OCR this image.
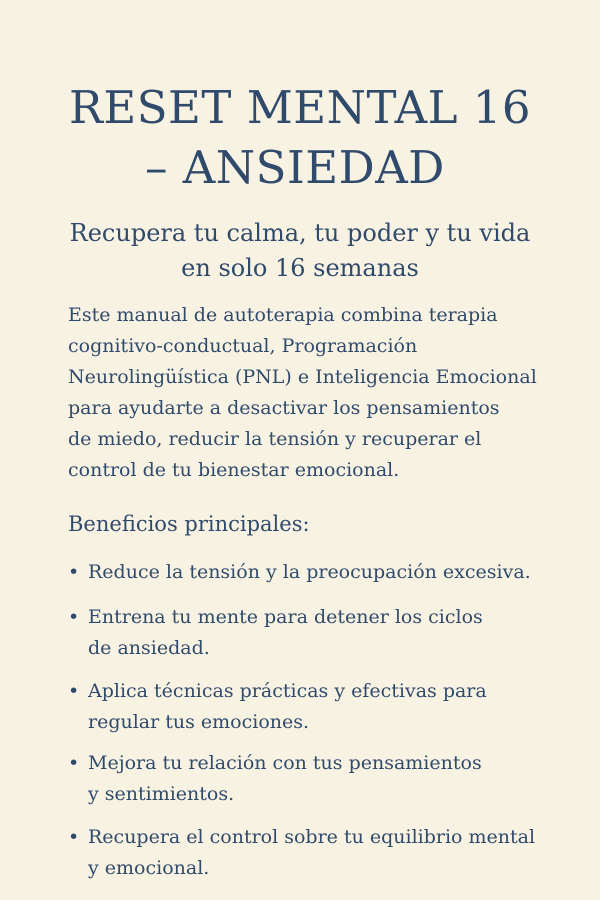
RESET MENTAL 16
– ANSIEDAD
Recupera tu calma, tu poder y tu vida
en solo 16 semanas
Este manual de autoterapia combina terapia
cognitivo-conductual, Programación
Neurolingüística (PNL) e Inteligencia Emocional
para ayudarte a desactivar los pensamientos
de miedo, reducir la tensión y recuperar el
control de tu bienestar emocional.
Beneficios principales:
• Reduce la tensión y la preocupación excesiva.
• Entrena tu mente para detener los ciclos
de ansiedad.
• Aplica técnicas prácticas y efectivas para
regular tus emociones.
• Mejora tu relación con tus pensamientos
y sentimientos.
• Recupera el control sobre tu equilibrio mental
y emocional.
